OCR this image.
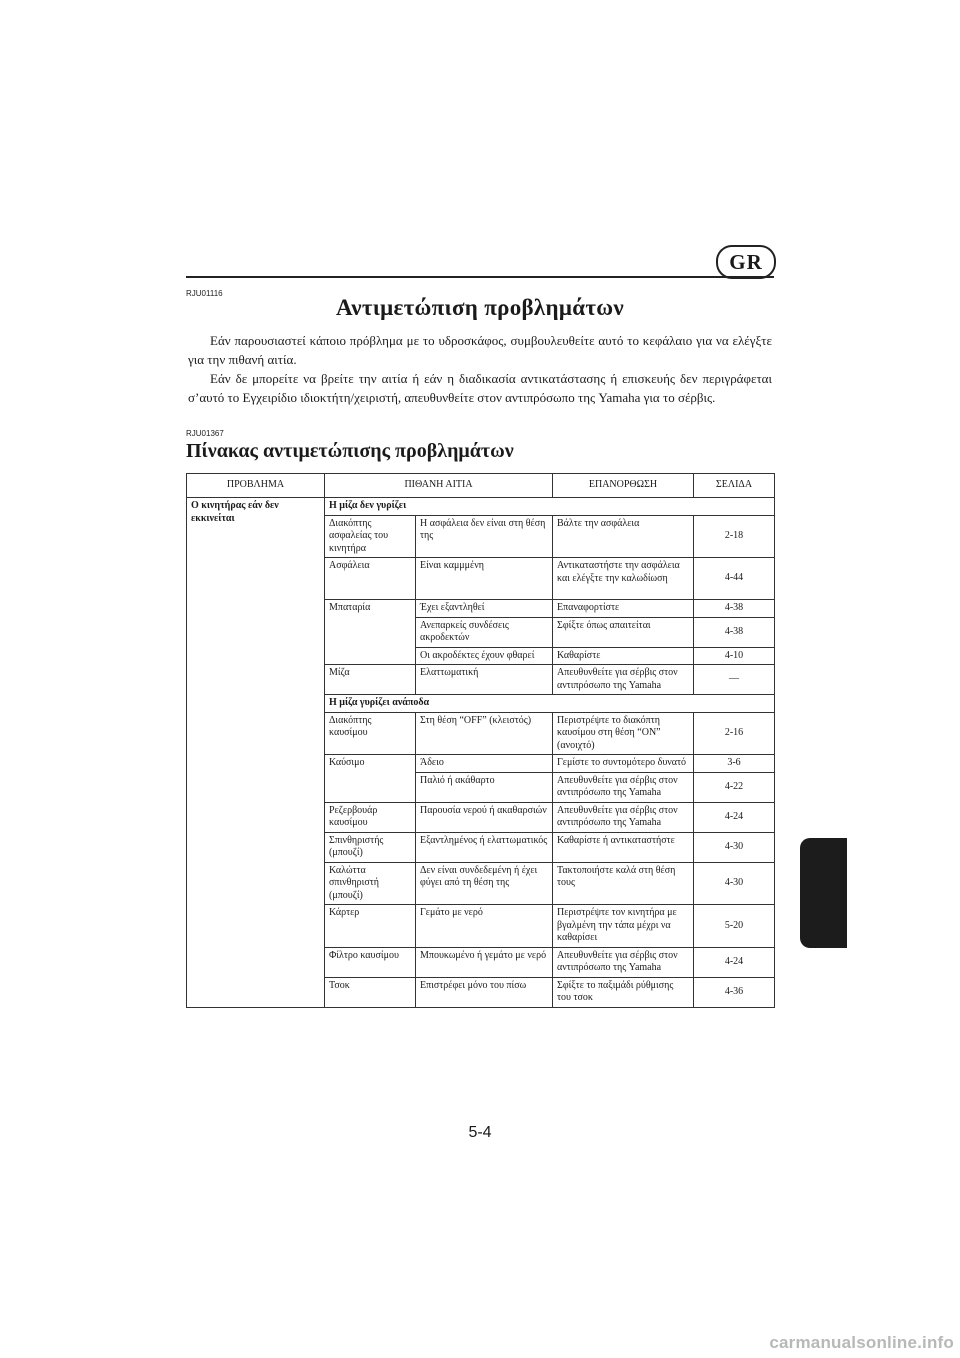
GR
RJU01116
Αντιμετώπιση προβλημάτων

Εάν παρουσιαστεί κάποιο πρόβλημα με το υδροσκάφος, συμβουλευθείτε αυτό το κεφάλαιο για να ελέγξτε για την πιθανή αιτία.

Εάν δε μπορείτε να βρείτε την αιτία ή εάν η διαδικασία αντικατάστασης ή επισκευής δεν περιγράφεται σ’αυτό το Εγχειρίδιο ιδιοκτήτη/χειριστή, απευθυνθείτε στον αντιπρόσωπο της Yamaha για το σέρβις.

RJU01367
Πίνακας αντιμετώπισης προβλημάτων
ΠΡΟΒΛΗΜΑ	ΠΙΘΑΝΗ ΑΙΤΙΑ		ΕΠΑΝΟΡΘΩΣΗ	ΣΕΛΙΔΑ
Ο κινητήρας εάν δεν εκκινείται	Η μίζα δεν γυρίζει			
	Διακόπτης ασφαλείας του κινητήρα	Η ασφάλεια δεν είναι στη θέση της	Βάλτε την ασφάλεια	2-18
	Ασφάλεια	Είναι καμμμένη	Αντικαταστήστε την ασφάλεια και ελέγξτε την καλωδίωση	4-44
	Μπαταρία	Έχει εξαντληθεί	Επαναφορτίστε	4-38
		Ανεπαρκείς συνδέσεις ακροδεκτών	Σφίξτε όπως απαιτείται	4-38
		Οι ακροδέκτες έχουν φθαρεί	Καθαρίστε	4-10
	Μίζα	Ελαττωματική	Απευθυνθείτε για σέρβις στον αντιπρόσωπο της Yamaha	—
	Η μίζα γυρίζει ανάποδα			
	Διακόπτης καυσίμου	Στη θέση “OFF” (κλειστός)	Περιστρέψτε το διακόπτη καυσίμου στη θέση “ON” (ανοιχτό)	2-16
	Καύσιμο	Άδειο	Γεμίστε το συντομότερο δυνατό	3-6
		Παλιό ή ακάθαρτο	Απευθυνθείτε για σέρβις στον αντιπρόσωπο της Yamaha	4-22
	Ρεζερβουάρ καυσίμου	Παρουσία νερού ή ακαθαρσιών	Απευθυνθείτε για σέρβις στον αντιπρόσωπο της Yamaha	4-24
	Σπινθηριστής (μπουζί)	Εξαντλημένος ή ελαττωματικός	Καθαρίστε ή αντικαταστήστε	4-30
	Καλώττα σπινθηριστή (μπουζί)	Δεν είναι συνδεδεμένη ή έχει φύγει από τη θέση της	Τακτοποιήστε καλά στη θέση τους	4-30
	Κάρτερ	Γεμάτο με νερό	Περιστρέψτε τον κινητήρα με βγαλμένη την τάπα μέχρι να καθαρίσει	5-20
	Φίλτρο καυσίμου	Μπουκωμένο ή γεμάτο με νερό	Απευθυνθείτε για σέρβις στον αντιπρόσωπο της Yamaha	4-24
	Τσοκ	Επιστρέφει μόνο του πίσω	Σφίξτε το παξιμάδι ρύθμισης του τσοκ	4-36
5-4
carmanualsonline.info
